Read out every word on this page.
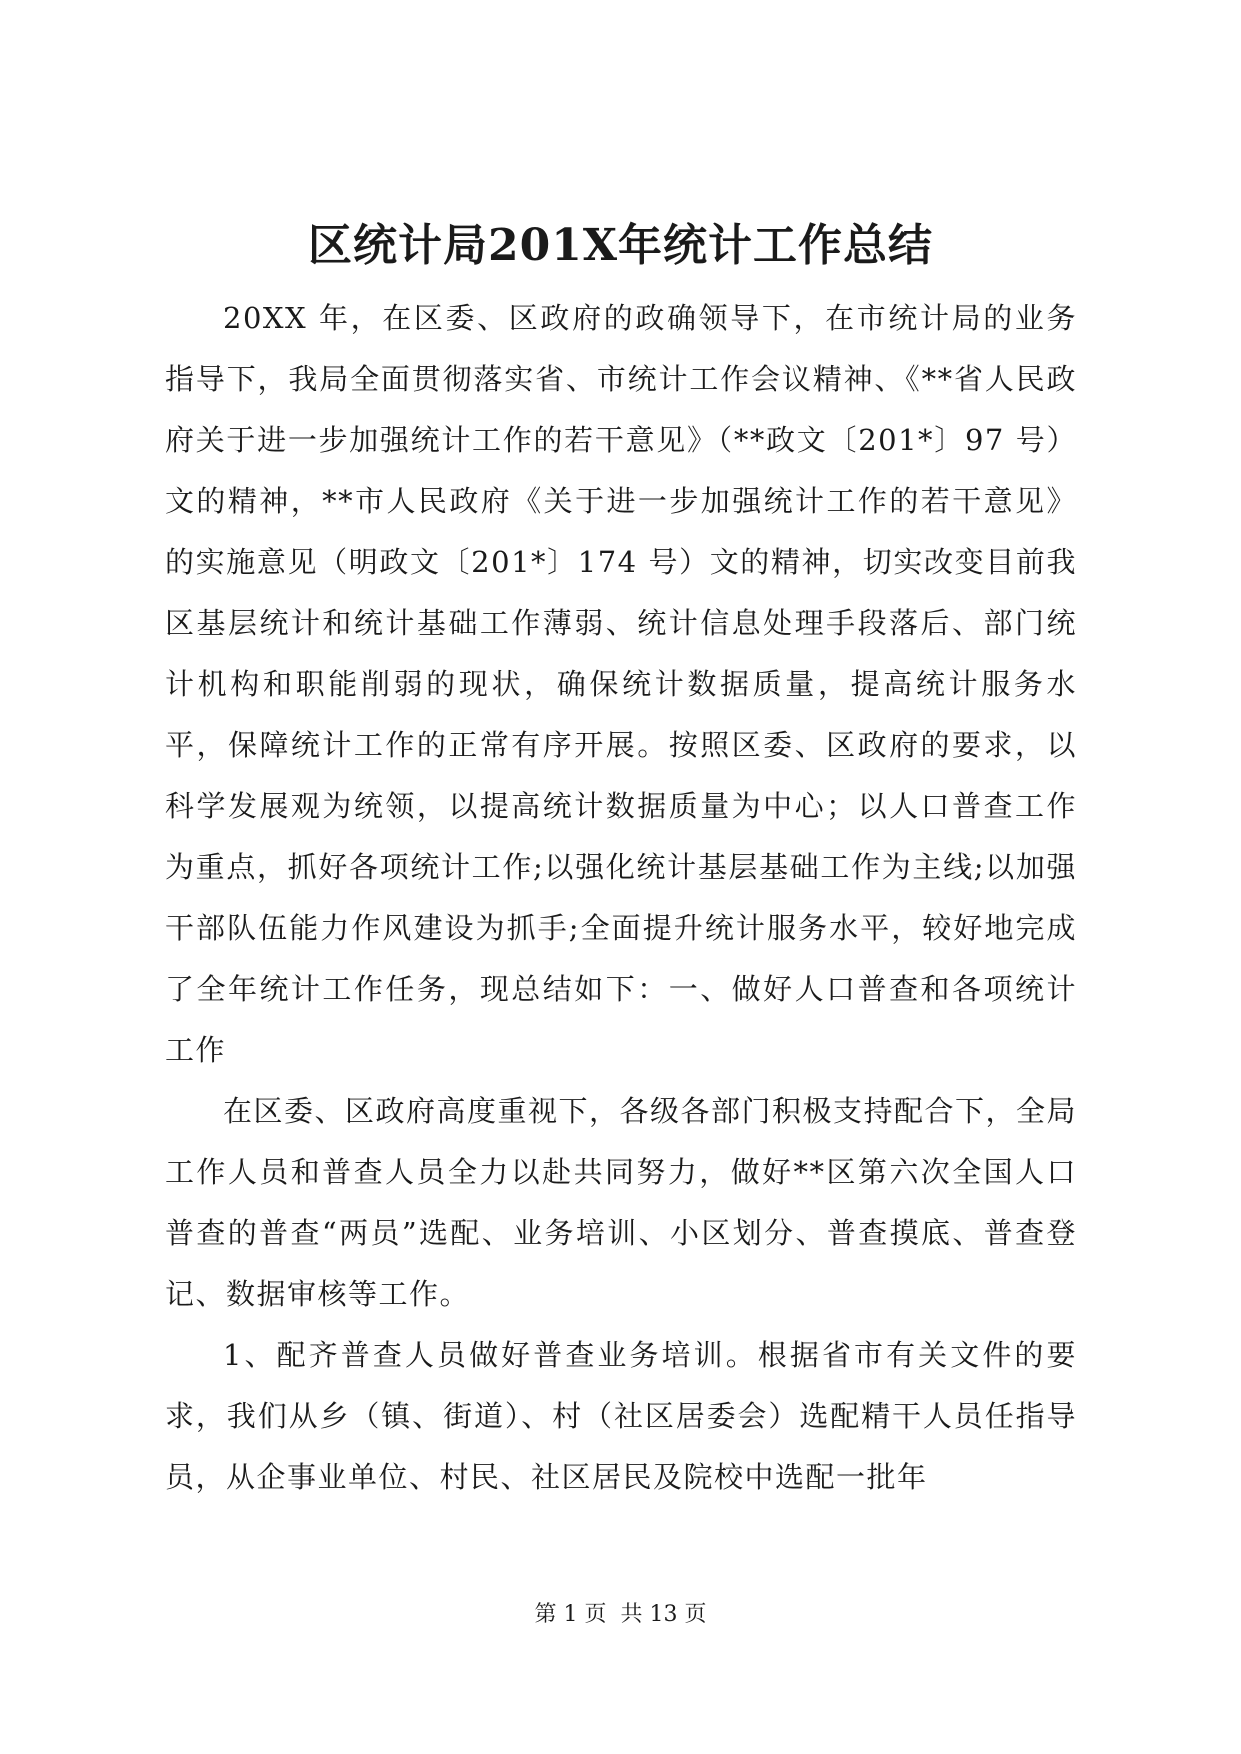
区统计局201X年统计工作总结

20XX 年，在区委、区政府的政确领导下，在市统计局的业务指导下，我局全面贯彻落实省、市统计工作会议精神、《**省人民政府关于进一步加强统计工作的若干意见》（**政文〔201*〕97 号）文的精神，**市人民政府《关于进一步加强统计工作的若干意见》的实施意见（明政文〔201*〕174 号）文的精神，切实改变目前我区基层统计和统计基础工作薄弱、统计信息处理手段落后、部门统计机构和职能削弱的现状，确保统计数据质量，提高统计服务水平，保障统计工作的正常有序开展。按照区委、区政府的要求，以科学发展观为统领，以提高统计数据质量为中心；以人口普查工作为重点，抓好各项统计工作;以强化统计基层基础工作为主线;以加强干部队伍能力作风建设为抓手;全面提升统计服务水平，较好地完成了全年统计工作任务，现总结如下：一、做好人口普查和各项统计工作

在区委、区政府高度重视下，各级各部门积极支持配合下，全局工作人员和普查人员全力以赴共同努力，做好**区第六次全国人口普查的普查“两员”选配、业务培训、小区划分、普查摸底、普查登记、数据审核等工作。

1、配齐普查人员做好普查业务培训。根据省市有关文件的要求，我们从乡（镇、街道）、村（社区居委会）选配精干人员任指导员，从企事业单位、村民、社区居民及院校中选配一批年

第 1 页  共 13 页
